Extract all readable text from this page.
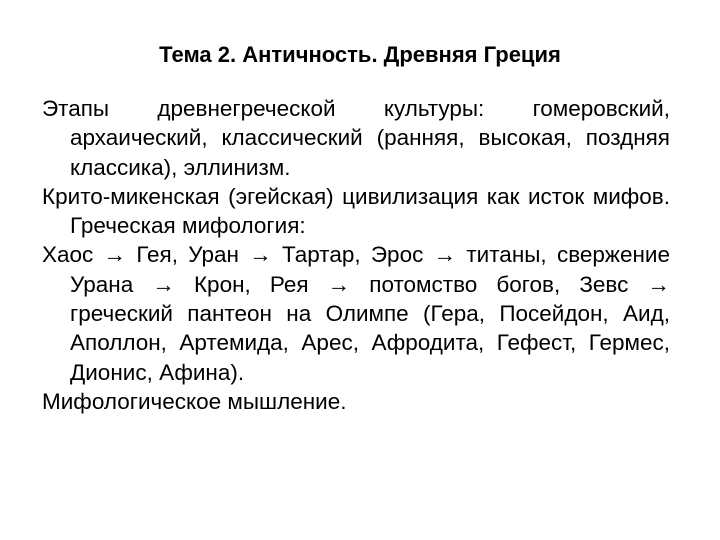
Тема 2. Античность. Древняя Греция
Этапы древнегреческой культуры: гомеровский, архаический, классический (ранняя, высокая, поздняя классика), эллинизм.
Крито-микенская (эгейская) цивилизация как исток мифов. Греческая мифология:
Хаос → Гея, Уран → Тартар, Эрос → титаны, свержение Урана → Крон, Рея → потомство богов, Зевс → греческий пантеон на Олимпе (Гера, Посейдон, Аид, Аполлон, Артемида, Арес, Афродита, Гефест, Гермес, Дионис, Афина).
Мифологическое мышление.
